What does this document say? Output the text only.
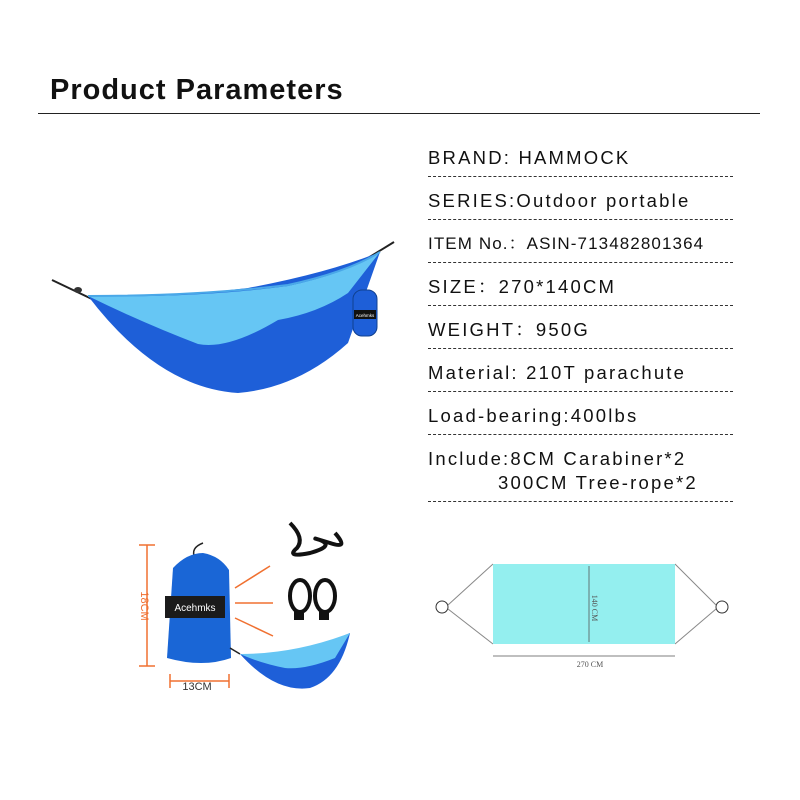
Product Parameters
Acehmks
BRAND: HAMMOCK
SERIES:Outdoor portable
ITEM No.：ASIN-713482801364
SIZE：270*140CM
WEIGHT：950G
Material: 210T parachute
Load-bearing:400lbs
Include:8CM Carabiner*2
300CM Tree-rope*2
18CM Acehmks
13CM
140 CM
270 CM
